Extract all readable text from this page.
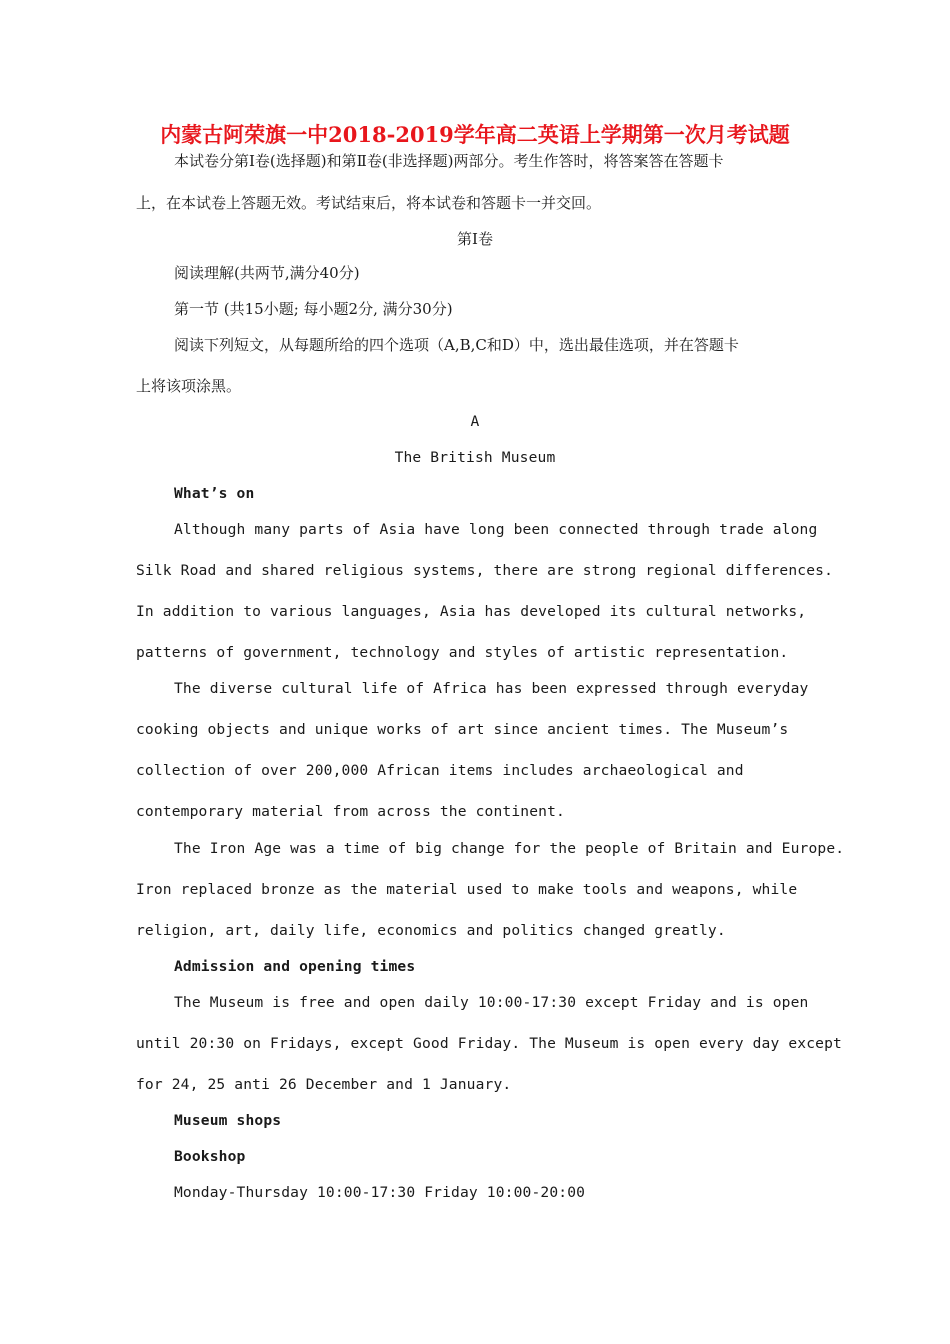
内蒙古阿荣旗一中2018-2019学年高二英语上学期第一次月考试题
本试卷分第Ⅰ卷(选择题)和第Ⅱ卷(非选择题)两部分。考生作答时，将答案答在答题卡
上，在本试卷上答题无效。考试结束后，将本试卷和答题卡一并交回。
第Ⅰ卷
阅读理解(共两节,满分40分)
第一节 (共15小题; 每小题2分, 满分30分)
阅读下列短文，从每题所给的四个选项（A,B,C和D）中，选出最佳选项，并在答题卡
上将该项涂黑。
A
The British Museum
What’s on
Although many parts of Asia have long been connected through trade along
Silk Road and shared religious systems, there are strong regional differences.
In addition to various languages, Asia has developed its cultural networks,
patterns of government, technology and styles of artistic representation.
The diverse cultural life of Africa has been expressed through everyday
cooking objects and unique works of art since ancient times. The Museum’s
collection of over 200,000 African items includes archaeological and
contemporary material from across the continent.
The Iron Age was a time of big change for the people of Britain and Europe.
Iron replaced bronze as the material used to make tools and weapons, while
religion, art, daily life, economics and politics changed greatly.
Admission and opening times
The Museum is free and open daily 10:00-17:30 except Friday and is open
until 20:30 on Fridays, except Good Friday. The Museum is open every day except
for 24, 25 anti 26 December and 1 January.
Museum shops
Bookshop
Monday-Thursday 10:00-17:30 Friday 10:00-20:00
